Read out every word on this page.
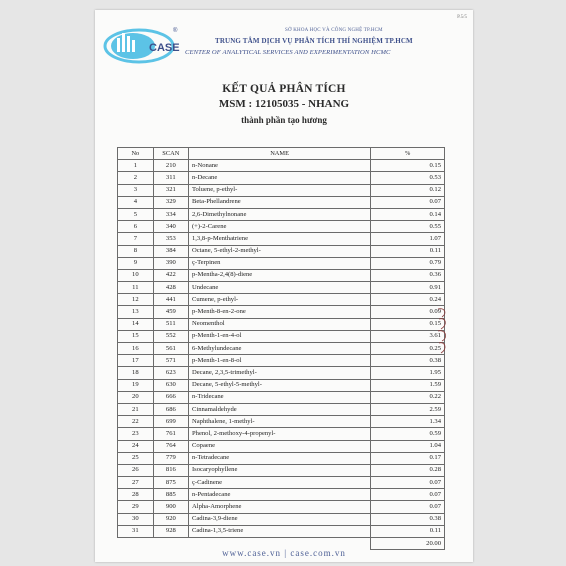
CASE
®	SỞ KHOA HỌC VÀ CÔNG NGHỆ TP.HCM
TRUNG TÂM DỊCH VỤ PHÂN TÍCH THÍ NGHIỆM TP.HCM
CENTER OF ANALYTICAL SERVICES AND EXPERIMENTATION HCMC
P.5/5
KẾT QUẢ PHÂN TÍCH
MSM : 12105035 - NHANG
thành phần tạo hương
No	SCAN	NAME	%
1	210	n-Nonane	0.15
2	311	n-Decane	0.53
3	321	Toluene, p-ethyl-	0.12
4	329	Beta-Phellandrene	0.07
5	334	2,6-Dimethylnonane	0.14
6	340	(+)-2-Carene	0.55
7	353	1,3,8-p-Menthatriene	1.07
8	384	Octane, 5-ethyl-2-methyl-	0.11
9	390	ç-Terpinen	0.79
10	422	p-Mentha-2,4(8)-diene	0.36
11	428	Undecane	0.91
12	441	Cumene, p-ethyl-	0.24
13	459	p-Menth-8-en-2-one	0.09
14	511	Neomenthol	0.15
15	552	p-Menth-1-en-4-ol	3.61
16	561	6-Methylundecane	0.25
17	571	p-Menth-1-en-8-ol	0.38
18	623	Decane, 2,3,5-trimethyl-	1.95
19	630	Decane, 5-ethyl-5-methyl-	1.59
20	666	n-Tridecane	0.22
21	686	Cinnamaldehyde	2.59
22	699	Naphthalene, 1-methyl-	1.34
23	761	Phenol, 2-methoxy-4-propenyl-	0.59
24	764	Copaene	1.04
25	779	n-Tetradecane	0.17
26	816	Isocaryophyllene	0.28
27	875	ç-Cadinene	0.07
28	885	n-Pentadecane	0.07
29	900	Alpha-Amorphene	0.07
30	920	Cadina-3,9-diene	0.38
31	928	Cadina-1,3,5-triene	0.11
			20.00
www.case.vn | case.com.vn
